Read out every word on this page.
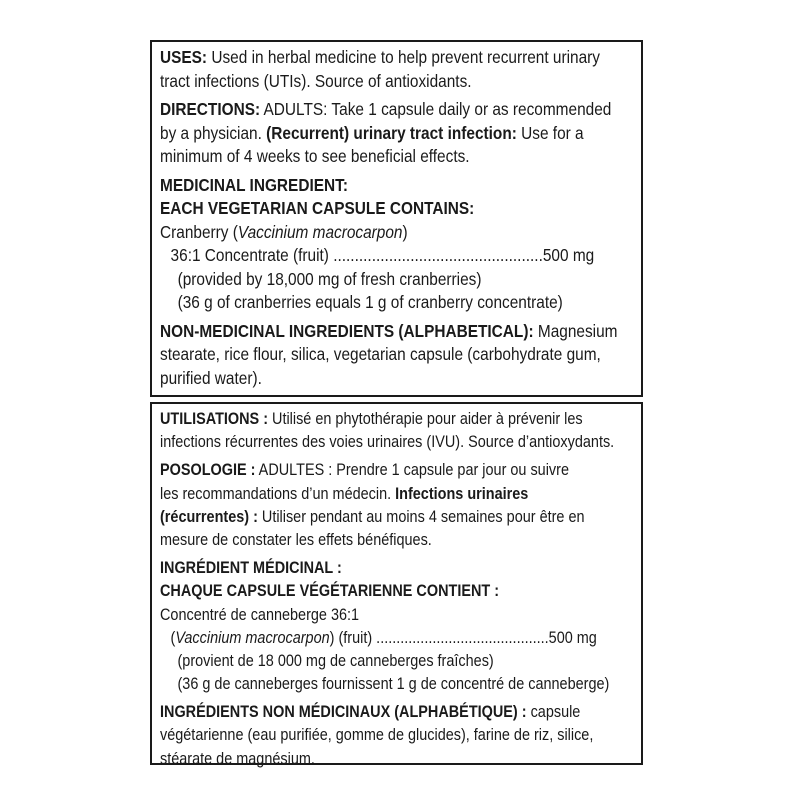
USES: Used in herbal medicine to help prevent recurrent urinary
tract infections (UTIs). Source of antioxidants.
DIRECTIONS: ADULTS: Take 1 capsule daily or as recommended
by a physician. (Recurrent) urinary tract infection: Use for a
minimum of 4 weeks to see beneficial effects.
MEDICINAL INGREDIENT:
EACH VEGETARIAN CAPSULE CONTAINS:
Cranberry (Vaccinium macrocarpon)
36:1 Concentrate (fruit) .................................................500 mg
(provided by 18,000 mg of fresh cranberries)
(36 g of cranberries equals 1 g of cranberry concentrate)
NON-MEDICINAL INGREDIENTS (ALPHABETICAL): Magnesium
stearate, rice flour, silica, vegetarian capsule (carbohydrate gum,
purified water).
UTILISATIONS : Utilisé en phytothérapie pour aider à prévenir les
infections récurrentes des voies urinaires (IVU). Source d’antioxydants.
POSOLOGIE : ADULTES : Prendre 1 capsule par jour ou suivre
les recommandations d’un médecin. Infections urinaires
(récurrentes) : Utiliser pendant au moins 4 semaines pour être en
mesure de constater les effets bénéfiques.
INGRÉDIENT MÉDICINAL :
CHAQUE CAPSULE VÉGÉTARIENNE CONTIENT :
Concentré de canneberge 36:1
(Vaccinium macrocarpon) (fruit) ...........................................500 mg
(provient de 18 000 mg de canneberges fraîches)
(36 g de canneberges fournissent 1 g de concentré de canneberge)
INGRÉDIENTS NON MÉDICINAUX (ALPHABÉTIQUE) : capsule
végétarienne (eau purifiée, gomme de glucides), farine de riz, silice,
stéarate de magnésium.
